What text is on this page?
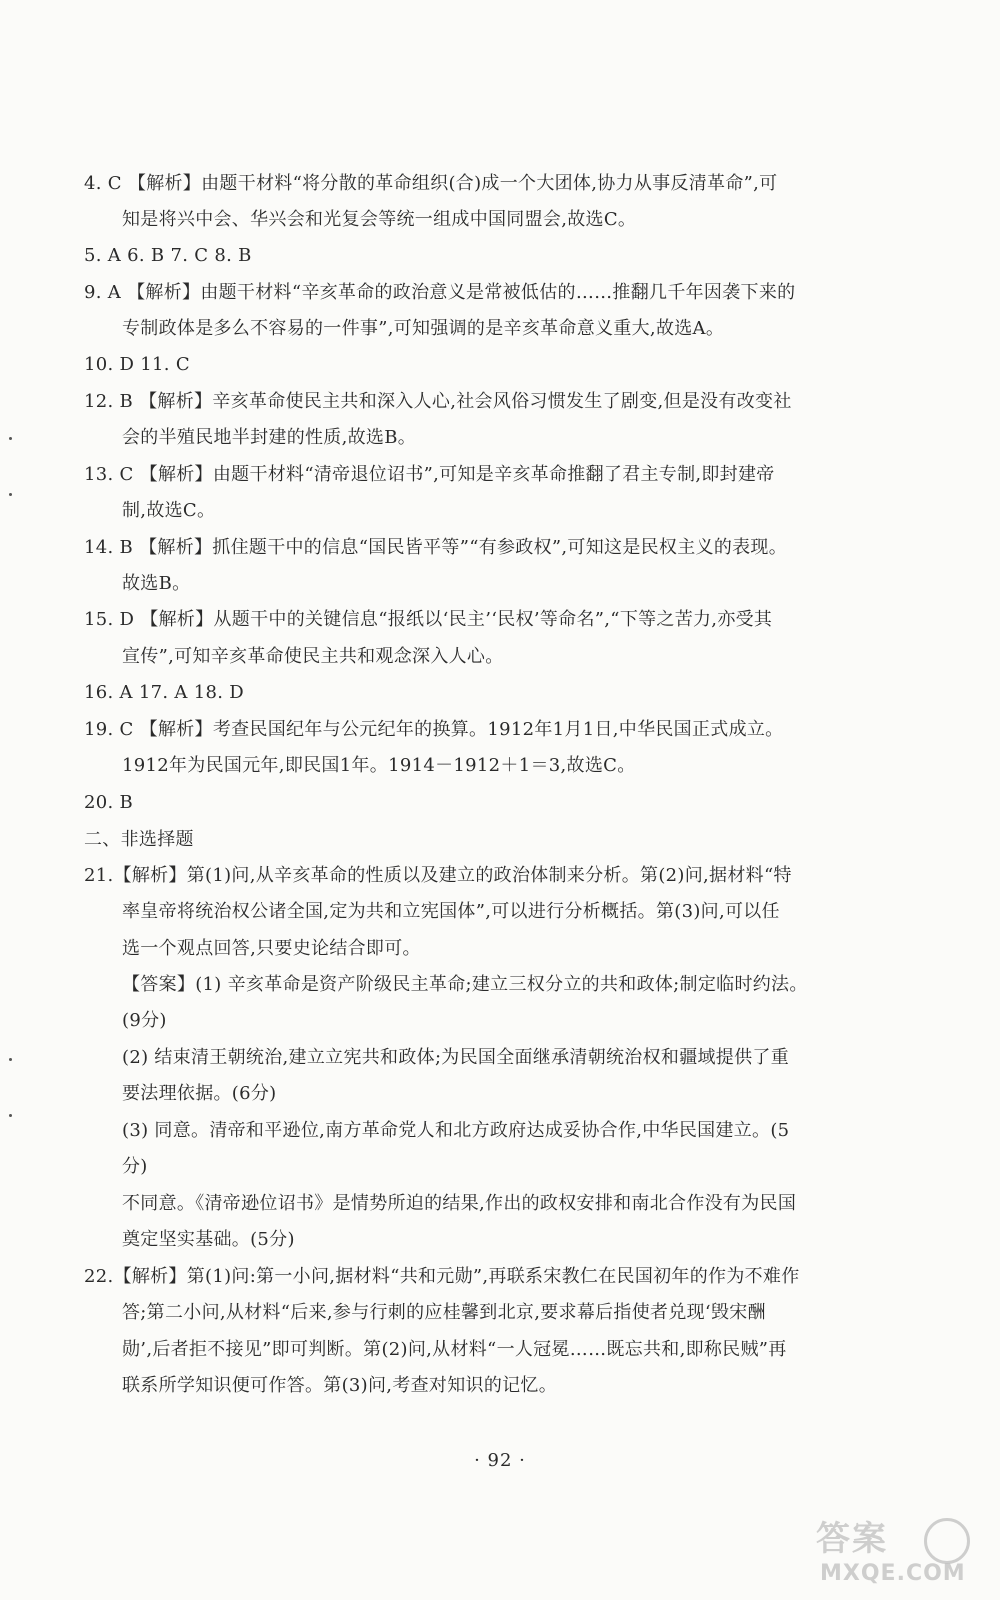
4. C 【解析】由题干材料“将分散的革命组织(合)成一个大团体,协力从事反清革命”,可
知是将兴中会、华兴会和光复会等统一组成中国同盟会,故选C。
5. A 6. B 7. C 8. B
9. A 【解析】由题干材料“辛亥革命的政治意义是常被低估的……推翻几千年因袭下来的
专制政体是多么不容易的一件事”,可知强调的是辛亥革命意义重大,故选A。
10. D 11. C
12. B 【解析】辛亥革命使民主共和深入人心,社会风俗习惯发生了剧变,但是没有改变社
会的半殖民地半封建的性质,故选B。
13. C 【解析】由题干材料“清帝退位诏书”,可知是辛亥革命推翻了君主专制,即封建帝
制,故选C。
14. B 【解析】抓住题干中的信息“国民皆平等”“有参政权”,可知这是民权主义的表现。
故选B。
15. D 【解析】从题干中的关键信息“报纸以‘民主’‘民权’等命名”,“下等之苦力,亦受其
宣传”,可知辛亥革命使民主共和观念深入人心。
16. A 17. A 18. D
19. C 【解析】考查民国纪年与公元纪年的换算。1912年1月1日,中华民国正式成立。
1912年为民国元年,即民国1年。1914－1912＋1＝3,故选C。
20. B
二、非选择题
21.【解析】第(1)问,从辛亥革命的性质以及建立的政治体制来分析。第(2)问,据材料“特
率皇帝将统治权公诸全国,定为共和立宪国体”,可以进行分析概括。第(3)问,可以任
选一个观点回答,只要史论结合即可。
【答案】(1) 辛亥革命是资产阶级民主革命;建立三权分立的共和政体;制定临时约法。
(9分)
(2) 结束清王朝统治,建立立宪共和政体;为民国全面继承清朝统治权和疆域提供了重
要法理依据。(6分)
(3) 同意。清帝和平逊位,南方革命党人和北方政府达成妥协合作,中华民国建立。(5
分)
不同意。《清帝逊位诏书》是情势所迫的结果,作出的政权安排和南北合作没有为民国
奠定坚实基础。(5分)
22.【解析】第(1)问:第一小问,据材料“共和元勋”,再联系宋教仁在民国初年的作为不难作
答;第二小问,从材料“后来,参与行刺的应桂馨到北京,要求幕后指使者兑现‘毁宋酬
勋’,后者拒不接见”即可判断。第(2)问,从材料“一人冠冕……既忘共和,即称民贼”再
联系所学知识便可作答。第(3)问,考查对知识的记忆。
· 92 ·
答案
MXQE.COM
